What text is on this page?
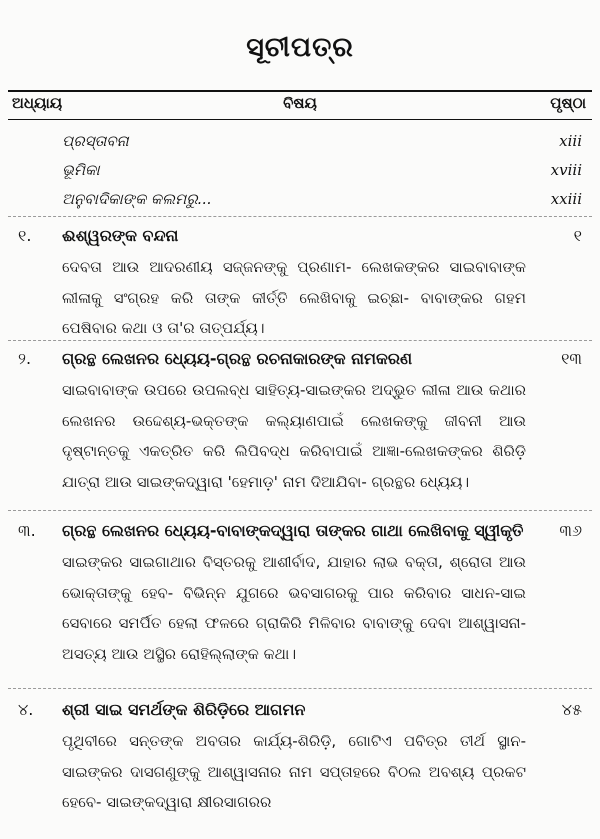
ସୂଚୀପତ୍ର
ଅଧ୍ୟାୟ	ବିଷୟ	ପୃଷ୍ଠା
ପ୍ରସ୍ତାବନା	xiii
ଭୂମିକା	xviii
ଅନୁବାଦିକାଙ୍କ କଲମରୁ...	xxiii
୧. ଈଶ୍ୱରଙ୍କ ବନ୍ଦନା	୧
ଦେବତା ଆଉ ଆଦରଣୀୟ ସଜ୍ଜନଙ୍କୁ ପ୍ରଣାମ- ଲେଖକଙ୍କର ସାଇବାବାଙ୍କ ଲୀଳାକୁ ସଂଗ୍ରହ କରି ତାଙ୍କ କୀର୍ତ୍ତି ଲେଖିବାକୁ ଇଚ୍ଛା- ବାବାଙ୍କର ଗହମ ପେଷିବାର କଥା ଓ ତା'ର ତାତ୍ପର୍ଯ୍ୟ।
୨. ଗ୍ରନ୍ଥ ଲେଖନର ଧ୍ୟେୟ-ଗ୍ରନ୍ଥ ରଚନାକାରଙ୍କ ନାମକରଣ	୧୩
ସାଇବାବାଙ୍କ ଉପରେ ଉପଲବ୍ଧ ସାହିତ୍ୟ-ସାଇଙ୍କର ଅଦ୍ଭୁତ ଲୀଳା ଆଉ କଥାର ଲେଖନର ଉଦ୍ଦେଶ୍ୟ-ଭକ୍ତଙ୍କ କଲ୍ୟାଣପାଇଁ ଲେଖକଙ୍କୁ ଜୀବନୀ ଆଉ ଦୃଷ୍ଟାନ୍ତକୁ ଏକତ୍ରିତ କରି ଲିପିବଦ୍ଧ କରିବାପାଇଁ ଆଜ୍ଞା-ଲେଖକଙ୍କର ଶିରିଡ଼ି ଯାତ୍ରା ଆଉ ସାଇଙ୍କଦ୍ୱାରା 'ହେମାଡ଼' ନାମ ଦିଆଯିବା- ଗ୍ରନ୍ଥର ଧ୍ୟେୟ।
୩. ଗ୍ରନ୍ଥ ଲେଖନର ଧ୍ୟେୟ-ବାବାଙ୍କଦ୍ୱାରା ତାଙ୍କର ଗାଥା ଲେଖିବାକୁ ସ୍ୱୀକୃତି ୩୬
ସାଇଙ୍କର ସାଇଗାଥାର ବିସ୍ତରକୁ ଆଶୀର୍ବାଦ, ଯାହାର ଲାଭ ବକ୍ତା, ଶ୍ରୋତା ଆଉ ଭୋକ୍ତାଙ୍କୁ ହେବ- ବିଭିନ୍ନ ଯୁଗରେ ଭବସାଗରକୁ ପାର କରିବାର ସାଧନ-ସାଇ ସେବାରେ ସମର୍ପିତ ହେଲା ଫଳରେ ଗ୍ରାକିରି ମିଳିବାର ବାବାଙ୍କୁ ଦେବା ଆଶ୍ୱାସନା-ଅସତ୍ୟ ଆଉ ଅସ୍ଥିର ରୋହିଲ୍ଲାଙ୍କ କଥା।
୪. ଶ୍ରୀ ସାଇ ସମର୍ଥଙ୍କ ଶିରିଡ଼ିରେ ଆଗମନ	୪୫
ପୃଥିବୀରେ ସନ୍ତଙ୍କ ଅବତାର କାର୍ଯ୍ୟ-ଶିରିଡ଼ି, ଗୋଟିଏ ପବିତ୍ର ତୀର୍ଥ ସ୍ଥାନ- ସାଇଙ୍କର ଦାସଗଣୁଙ୍କୁ ଆଶ୍ୱାସନାର ନାମ ସପ୍ତାହରେ ବିଠଲ ଅବଶ୍ୟ ପ୍ରକଟ ହେବେ- ସାଇଙ୍କଦ୍ୱାରା କ୍ଷୀରସାଗରର
